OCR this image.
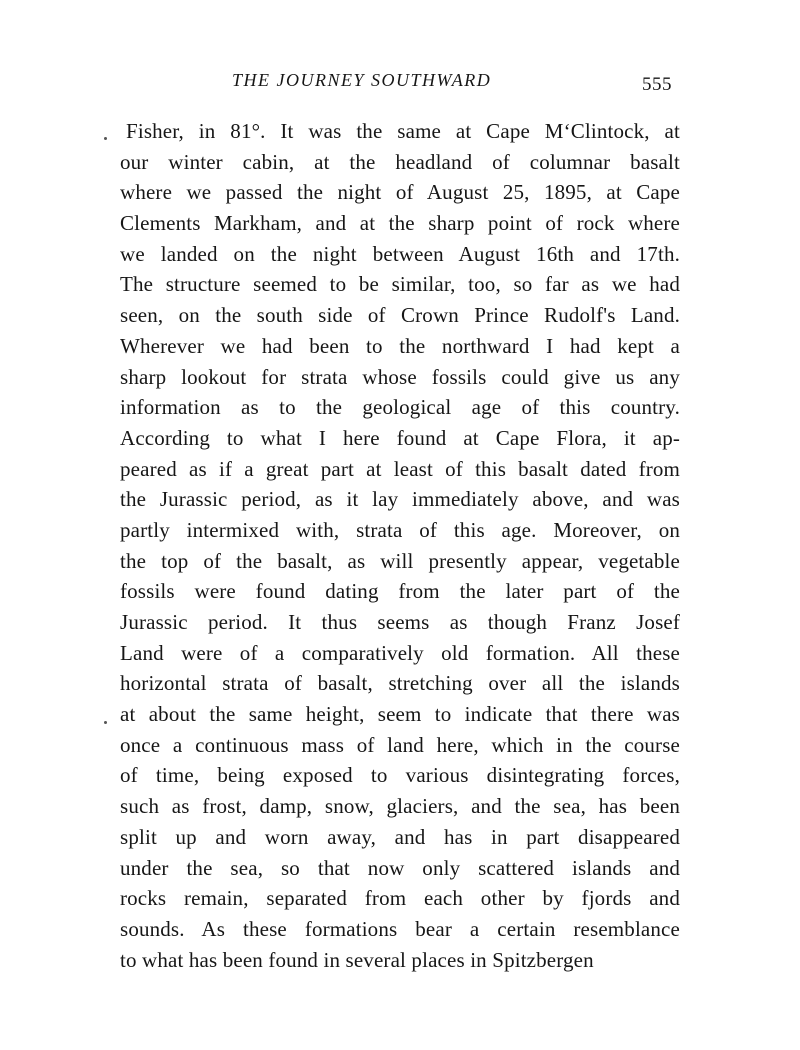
THE JOURNEY SOUTHWARD	555
Fisher, in 81°. It was the same at Cape M‘Clintock, at
our winter cabin, at the headland of columnar basalt
where we passed the night of August 25, 1895, at Cape
Clements Markham, and at the sharp point of rock where
we landed on the night between August 16th and 17th.
The structure seemed to be similar, too, so far as we had
seen, on the south side of Crown Prince Rudolf's Land.
Wherever we had been to the northward I had kept a
sharp lookout for strata whose fossils could give us any
information as to the geological age of this country.
According to what I here found at Cape Flora, it ap-
peared as if a great part at least of this basalt dated from
the Jurassic period, as it lay immediately above, and was
partly intermixed with, strata of this age. Moreover, on
the top of the basalt, as will presently appear, vegetable
fossils were found dating from the later part of the
Jurassic period. It thus seems as though Franz Josef
Land were of a comparatively old formation. All these
horizontal strata of basalt, stretching over all the islands
at about the same height, seem to indicate that there was
once a continuous mass of land here, which in the course
of time, being exposed to various disintegrating forces,
such as frost, damp, snow, glaciers, and the sea, has been
split up and worn away, and has in part disappeared
under the sea, so that now only scattered islands and
rocks remain, separated from each other by fjords and
sounds. As these formations bear a certain resemblance
to what has been found in several places in Spitzbergen
